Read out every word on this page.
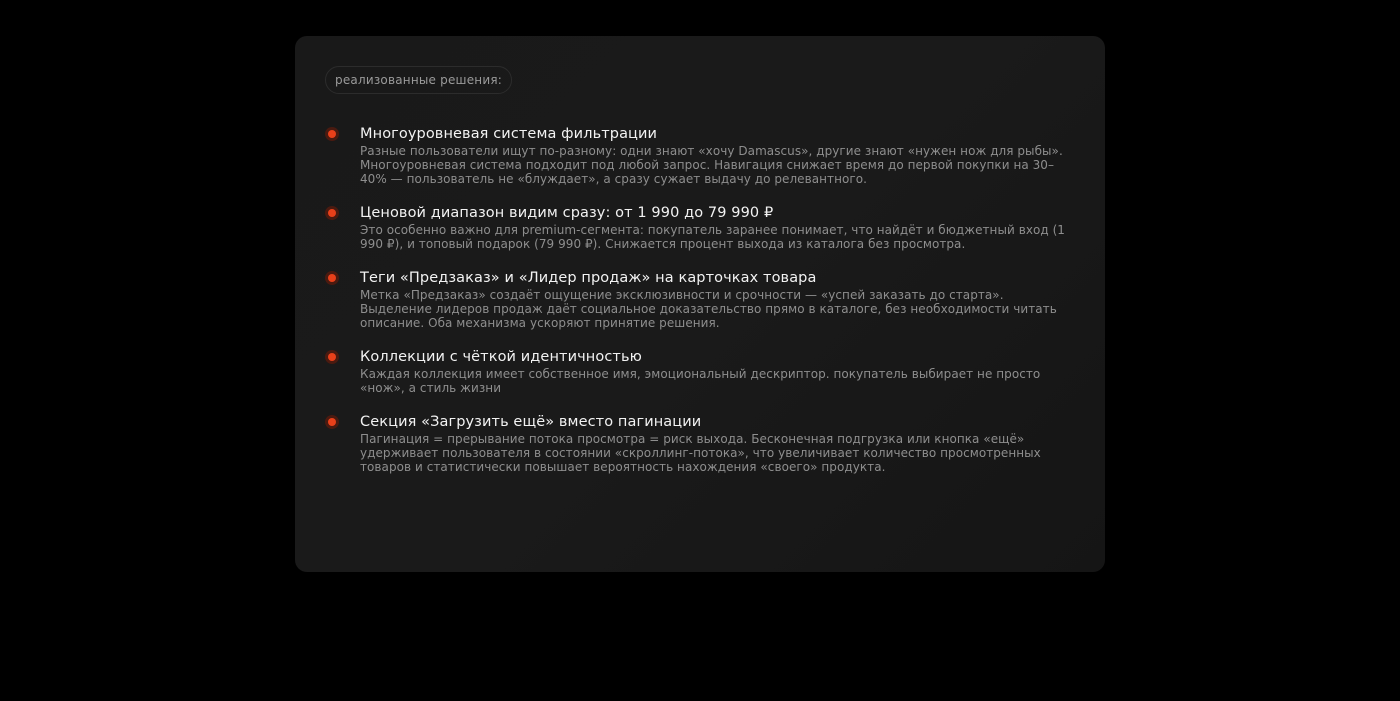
реализованные решения:
Многоуровневая система фильтрации
Разные пользователи ищут по-разному: одни знают «хочу Damascus», другие знают «нужен нож для рыбы». Многоуровневая система подходит под любой запрос. Навигация снижает время до первой покупки на 30–40% — пользователь не «блуждает», а сразу сужает выдачу до релевантного.
Ценовой диапазон видим сразу: от 1 990 до 79 990 ₽
Это особенно важно для premium-сегмента: покупатель заранее понимает, что найдёт и бюджетный вход (1 990 ₽), и топовый подарок (79 990 ₽). Снижается процент выхода из каталога без просмотра.
Теги «Предзаказ» и «Лидер продаж» на карточках товара
Метка «Предзаказ» создаёт ощущение эксклюзивности и срочности — «успей заказать до старта». Выделение лидеров продаж даёт социальное доказательство прямо в каталоге, без необходимости читать описание. Оба механизма ускоряют принятие решения.
Коллекции с чёткой идентичностью
Каждая коллекция имеет собственное имя, эмоциональный дескриптор. покупатель выбирает не просто «нож», а стиль жизни
Секция «Загрузить ещё» вместо пагинации
Пагинация = прерывание потока просмотра = риск выхода. Бесконечная подгрузка или кнопка «ещё» удерживает пользователя в состоянии «скроллинг-потока», что увеличивает количество просмотренных товаров и статистически повышает вероятность нахождения «своего» продукта.
